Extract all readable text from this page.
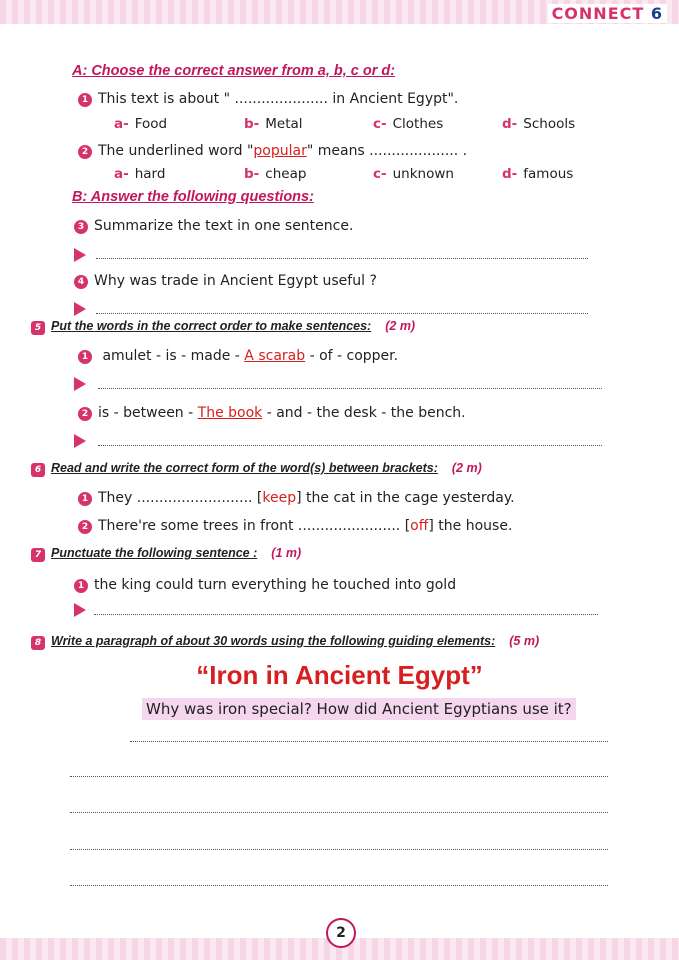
CONNECT 6
A: Choose the correct answer from a, b, c or d:
1 This text is about " ..................... in Ancient Egypt".
a- Food	b- Metal	c- Clothes	d- Schools
2 The underlined word "popular" means .................... .
a- hard	b- cheap	c- unknown	d- famous
B: Answer the following questions:
3 Summarize the text in one sentence.
4 Why was trade in Ancient Egypt useful ?
5 Put the words in the correct order to make sentences: (2 m)
1 amulet - is - made - A scarab - of - copper.
2 is - between - The book - and - the desk - the bench.
6 Read and write the correct form of the word(s) between brackets: (2 m)
1 They .......................... [keep] the cat in the cage yesterday.
2 There're some trees in front ....................... [off] the house.
7 Punctuate the following sentence : (1 m)
1 the king could turn everything he touched into gold
8 Write a paragraph of about 30 words using the following guiding elements: (5 m)
“Iron in Ancient Egypt”
Why was iron special? How did Ancient Egyptians use it?
2
